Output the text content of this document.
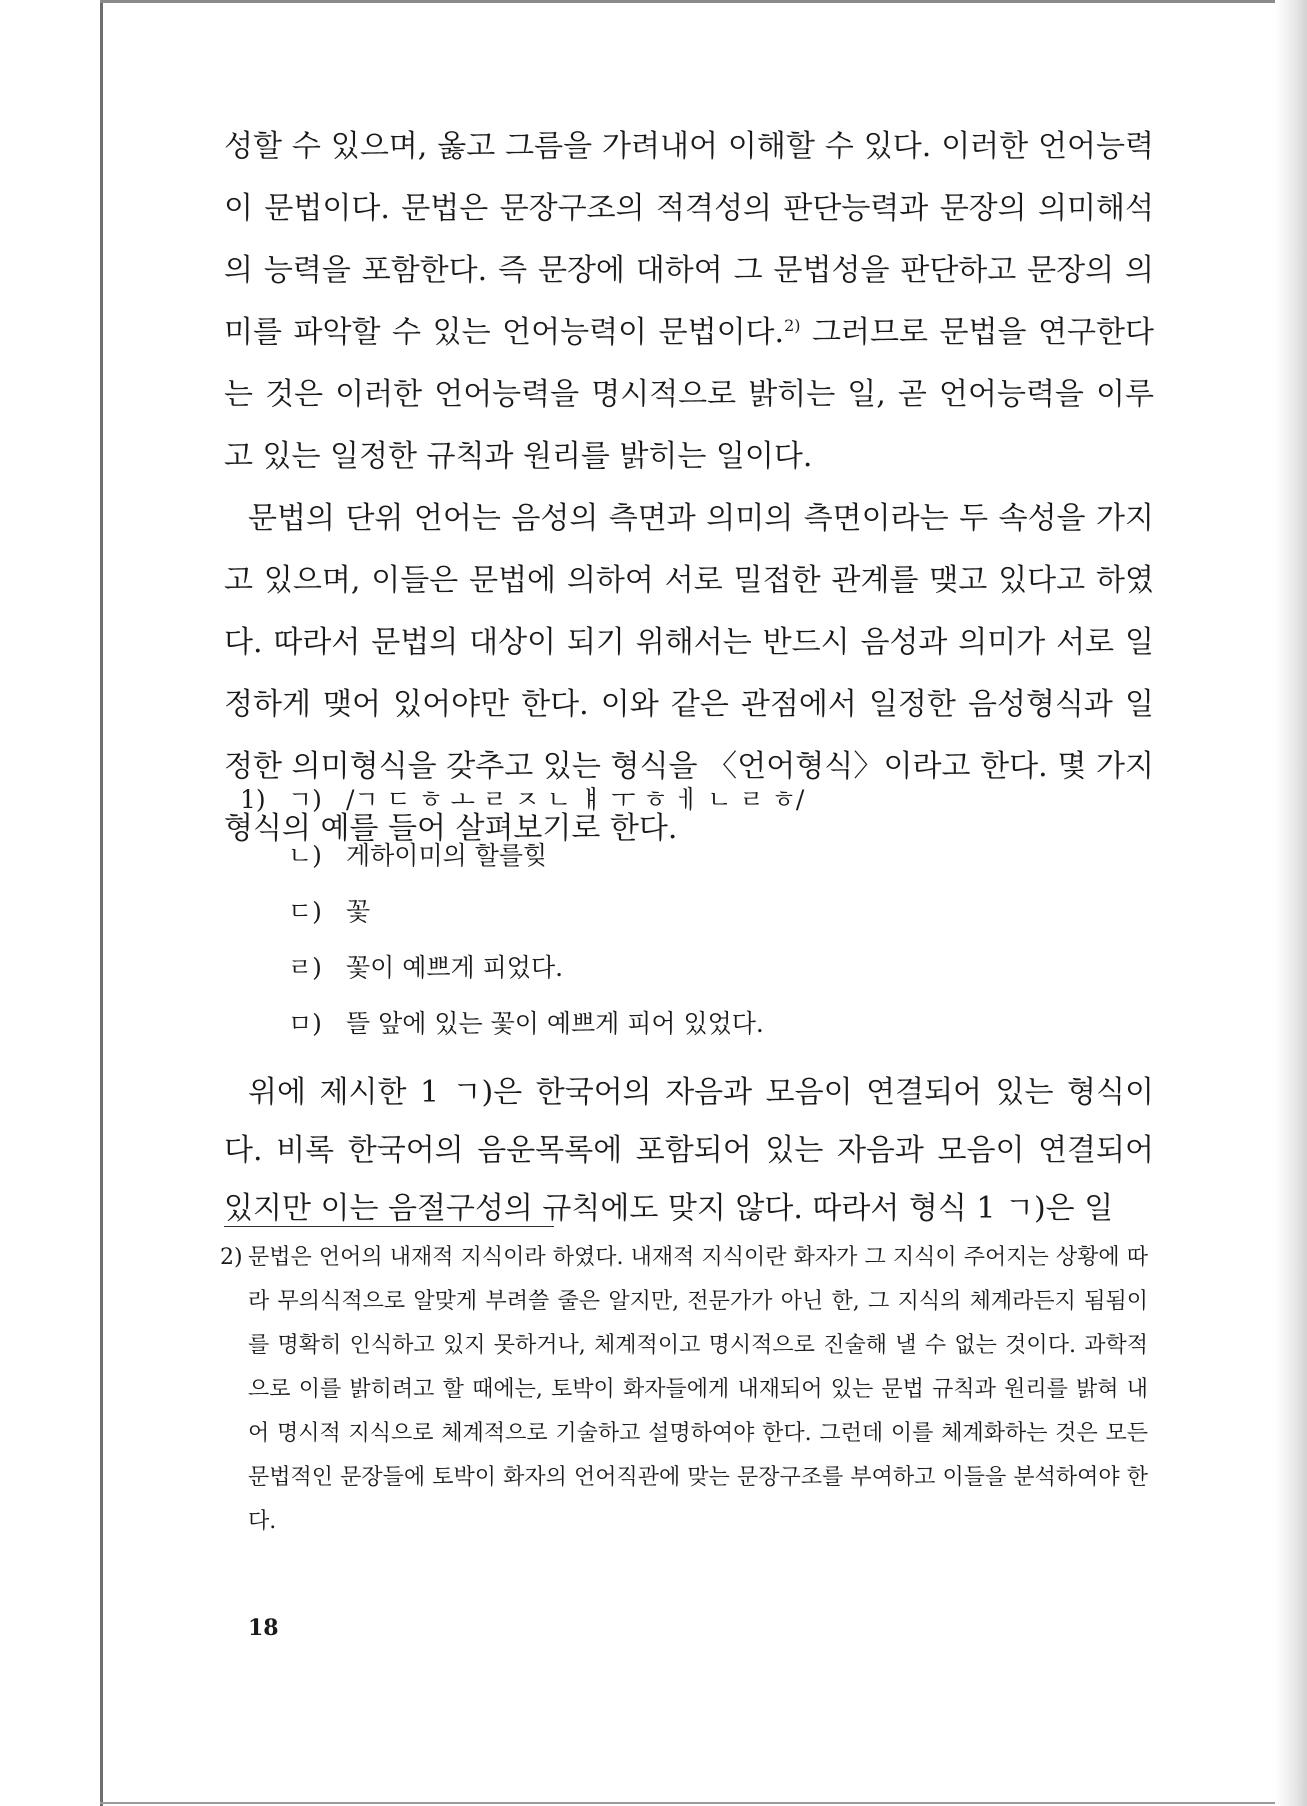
성할 수 있으며, 옳고 그름을 가려내어 이해할 수 있다. 이러한 언어능력이 문법이다. 문법은 문장구조의 적격성의 판단능력과 문장의 의미해석의 능력을 포함한다. 즉 문장에 대하여 그 문법성을 판단하고 문장의 의미를 파악할 수 있는 언어능력이 문법이다.$^{2)}$ 그러므로 문법을 연구한다는 것은 이러한 언어능력을 명시적으로 밝히는 일, 곧 언어능력을 이루고 있는 일정한 규칙과 원리를 밝히는 일이다.

문법의 단위 언어는 음성의 측면과 의미의 측면이라는 두 속성을 가지고 있으며, 이들은 문법에 의하여 서로 밀접한 관계를 맺고 있다고 하였다. 따라서 문법의 대상이 되기 위해서는 반드시 음성과 의미가 서로 일정하게 맺어 있어야만 한다. 이와 같은 관점에서 일정한 음성형식과 일정한 의미형식을 갖추고 있는 형식을 〈언어형식〉이라고 한다. 몇 가지 형식의 예를 들어 살펴보기로 한다.

1) ㄱ) /ㄱ ㄷ ㅎ ㅗ ㄹ ㅈ ㄴ ㅒ ㅜ ㅎ ㅔ ㄴ ㄹ ㅎ/
ㄴ) 게하이미의 할를힞
ㄷ) 꽃
ㄹ) 꽃이 예쁘게 피었다.
ㅁ) 뜰 앞에 있는 꽃이 예쁘게 피어 있었다.

위에 제시한 1 ㄱ)은 한국어의 자음과 모음이 연결되어 있는 형식이다. 비록 한국어의 음운목록에 포함되어 있는 자음과 모음이 연결되어 있지만 이는 음절구성의 규칙에도 맞지 않다. 따라서 형식 1 ㄱ)은 일

2) 문법은 언어의 내재적 지식이라 하였다. 내재적 지식이란 화자가 그 지식이 주어지는 상황에 따라 무의식적으로 알맞게 부려쓸 줄은 알지만, 전문가가 아닌 한, 그 지식의 체계라든지 됨됨이를 명확히 인식하고 있지 못하거나, 체계적이고 명시적으로 진술해 낼 수 없는 것이다. 과학적으로 이를 밝히려고 할 때에는, 토박이 화자들에게 내재되어 있는 문법 규칙과 원리를 밝혀 내어 명시적 지식으로 체계적으로 기술하고 설명하여야 한다. 그런데 이를 체계화하는 것은 모든 문법적인 문장들에 토박이 화자의 언어직관에 맞는 문장구조를 부여하고 이들을 분석하여야 한다.
18
